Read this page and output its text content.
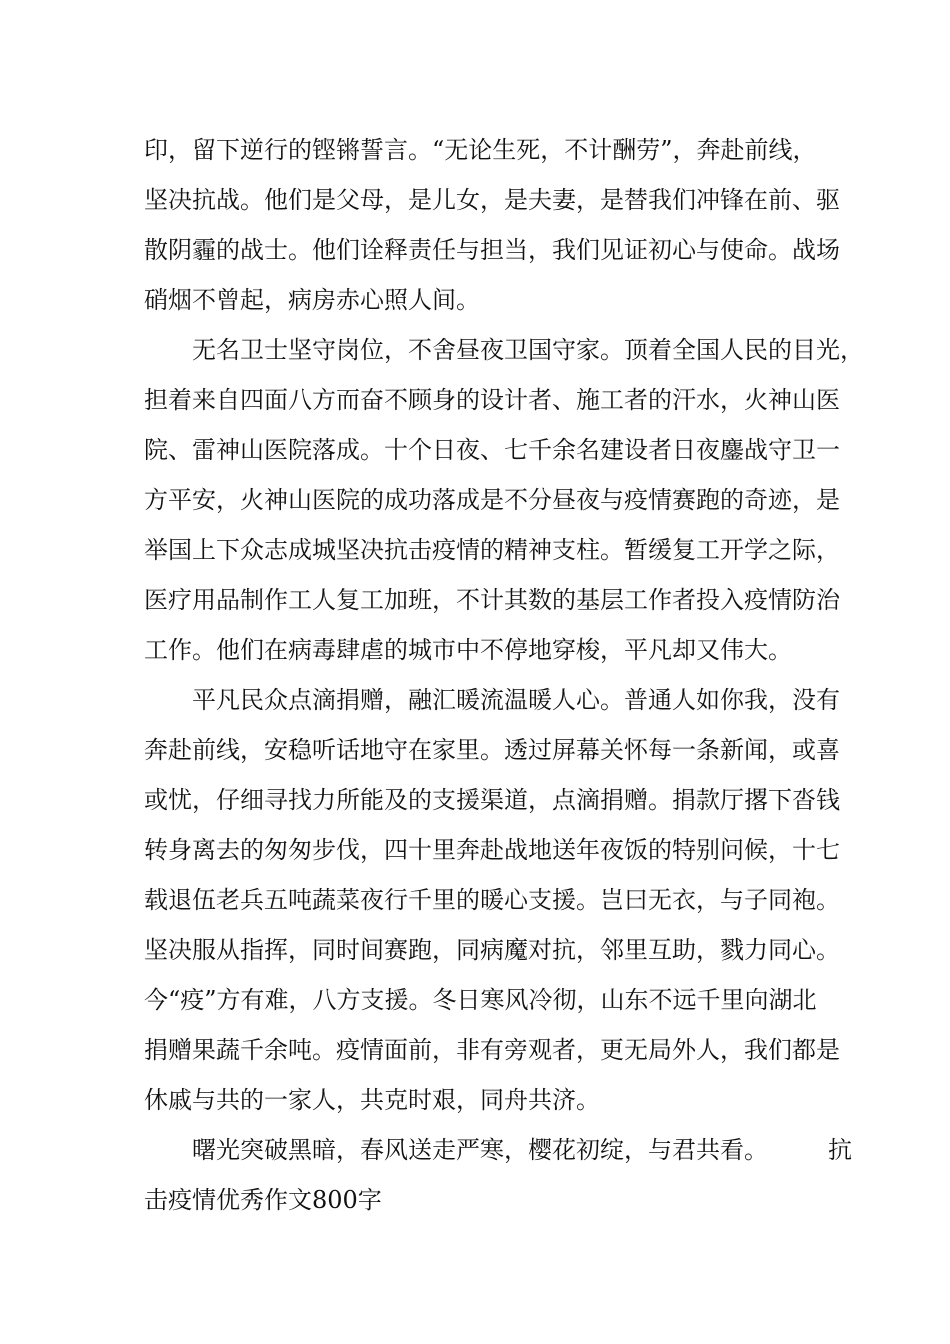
印，留下逆行的铿锵誓言。“无论生死，不计酬劳”，奔赴前线，
坚决抗战。他们是父母，是儿女，是夫妻，是替我们冲锋在前、驱
散阴霾的战士。他们诠释责任与担当，我们见证初心与使命。战场
硝烟不曾起，病房赤心照人间。
　　无名卫士坚守岗位，不舍昼夜卫国守家。顶着全国人民的目光，
担着来自四面八方而奋不顾身的设计者、施工者的汗水，火神山医
院、雷神山医院落成。十个日夜、七千余名建设者日夜鏖战守卫一
方平安，火神山医院的成功落成是不分昼夜与疫情赛跑的奇迹，是
举国上下众志成城坚决抗击疫情的精神支柱。暂缓复工开学之际，
医疗用品制作工人复工加班，不计其数的基层工作者投入疫情防治
工作。他们在病毒肆虐的城市中不停地穿梭，平凡却又伟大。
　　平凡民众点滴捐赠，融汇暖流温暖人心。普通人如你我，没有
奔赴前线，安稳听话地守在家里。透过屏幕关怀每一条新闻，或喜
或忧，仔细寻找力所能及的支援渠道，点滴捐赠。捐款厅撂下沓钱
转身离去的匆匆步伐，四十里奔赴战地送年夜饭的特别问候，十七
载退伍老兵五吨蔬菜夜行千里的暖心支援。岂曰无衣，与子同袍。
坚决服从指挥，同时间赛跑，同病魔对抗，邻里互助，戮力同心。
今“疫”方有难，八方支援。冬日寒风冷彻，山东不远千里向湖北
捐赠果蔬千余吨。疫情面前，非有旁观者，更无局外人，我们都是
休戚与共的一家人，共克时艰，同舟共济。
　　曙光突破黑暗，春风送走严寒，樱花初绽，与君共看。　　　抗
击疫情优秀作文800字
